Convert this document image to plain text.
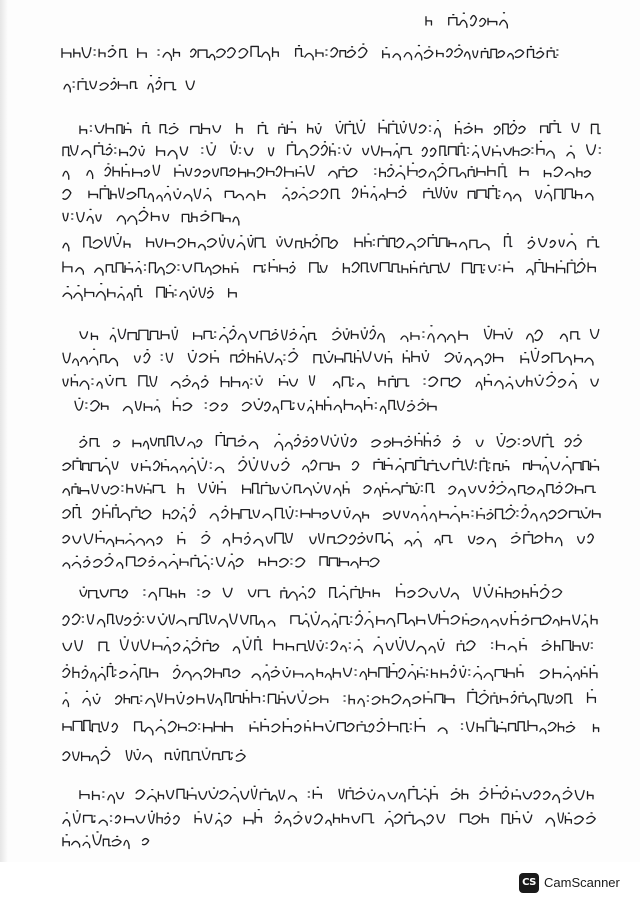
CS CamScanner
